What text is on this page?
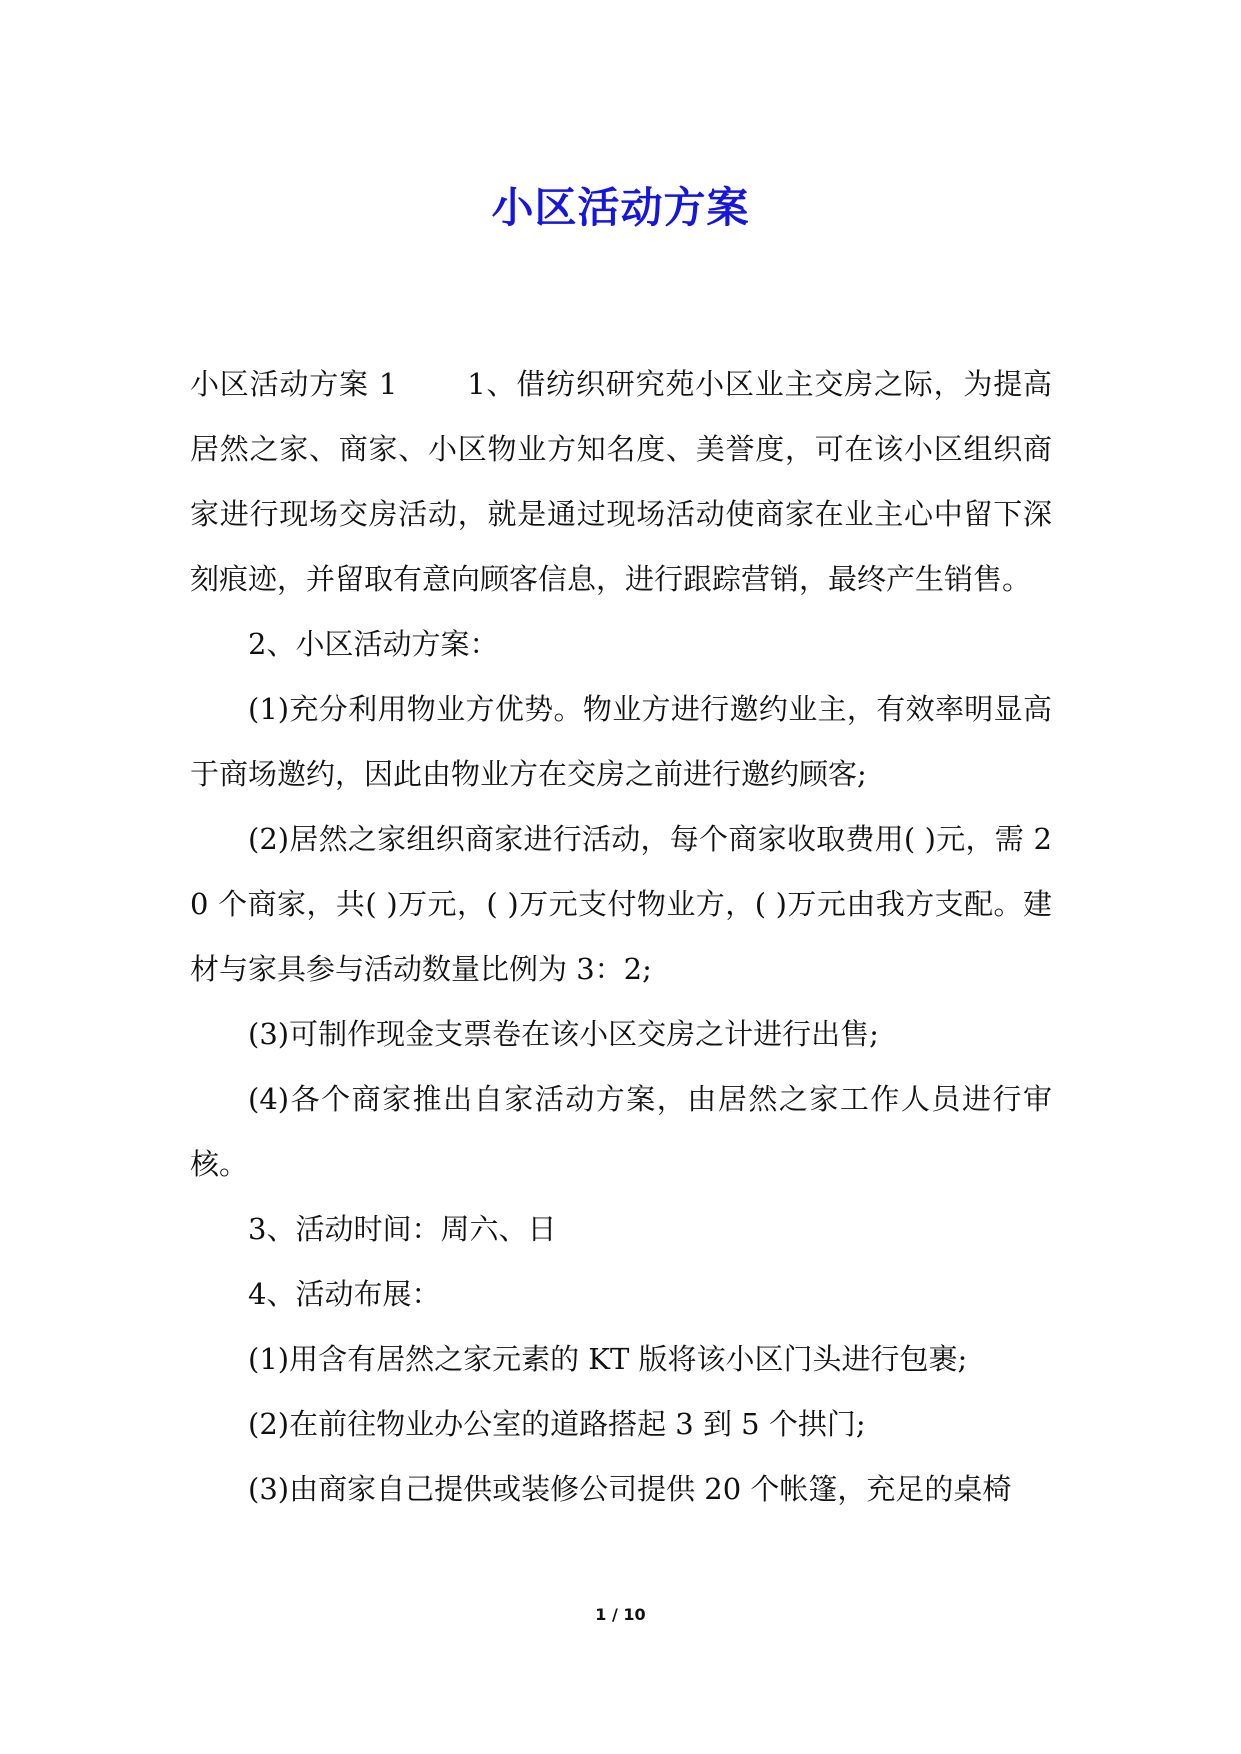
小区活动方案

小区活动方案 1 1、借纺织研究苑小区业主交房之际，为提高居然之家、商家、小区物业方知名度、美誉度，可在该小区组织商家进行现场交房活动，就是通过现场活动使商家在业主心中留下深刻痕迹，并留取有意向顾客信息，进行跟踪营销，最终产生销售。

2、小区活动方案：

(1)充分利用物业方优势。物业方进行邀约业主，有效率明显高于商场邀约，因此由物业方在交房之前进行邀约顾客;

(2)居然之家组织商家进行活动，每个商家收取费用( )元，需 20 个商家，共( )万元，( )万元支付物业方，( )万元由我方支配。建材与家具参与活动数量比例为 3：2;

(3)可制作现金支票卷在该小区交房之计进行出售;

(4)各个商家推出自家活动方案，由居然之家工作人员进行审核。

3、活动时间：周六、日

4、活动布展：

(1)用含有居然之家元素的 KT 版将该小区门头进行包裹;

(2)在前往物业办公室的道路搭起 3 到 5 个拱门;

(3)由商家自己提供或装修公司提供 20 个帐篷，充足的桌椅

1 / 10
